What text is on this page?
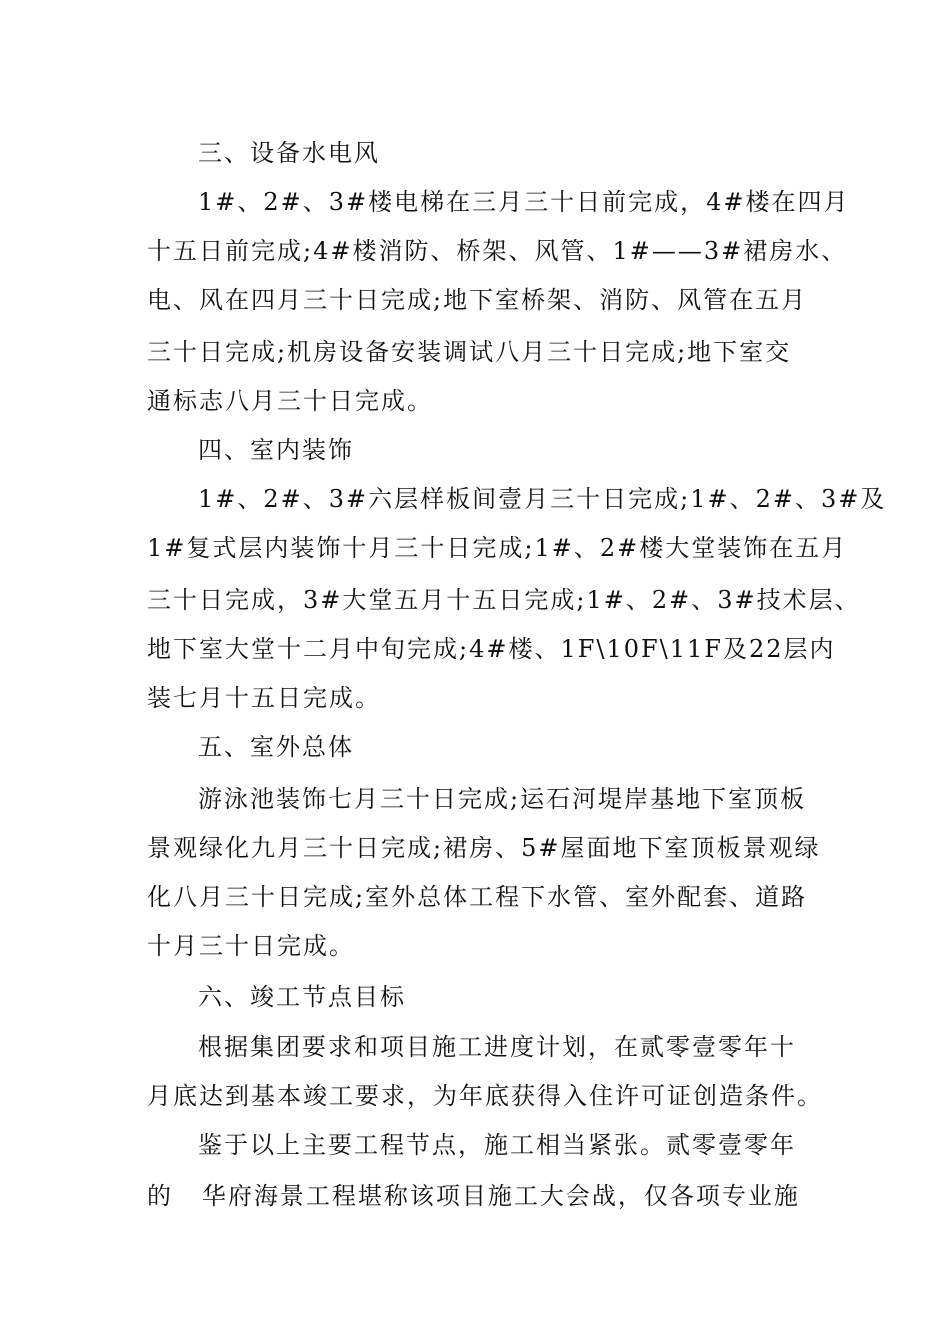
三、设备水电风
1#、2#、3#楼电梯在三月三十日前完成，4#楼在四月
十五日前完成;4#楼消防、桥架、风管、1#——3#裙房水、
电、风在四月三十日完成;地下室桥架、消防、风管在五月
三十日完成;机房设备安装调试八月三十日完成;地下室交
通标志八月三十日完成。
四、室内装饰
1#、2#、3#六层样板间壹月三十日完成;1#、2#、3#及
1#复式层内装饰十月三十日完成;1#、2#楼大堂装饰在五月
三十日完成，3#大堂五月十五日完成;1#、2#、3#技术层、
地下室大堂十二月中旬完成;4#楼、1F\10F\11F及22层内
装七月十五日完成。
五、室外总体
游泳池装饰七月三十日完成;运石河堤岸基地下室顶板
景观绿化九月三十日完成;裙房、5#屋面地下室顶板景观绿
化八月三十日完成;室外总体工程下水管、室外配套、道路
十月三十日完成。
六、竣工节点目标
根据集团要求和项目施工进度计划，在贰零壹零年十
月底达到基本竣工要求，为年底获得入住许可证创造条件。
鉴于以上主要工程节点，施工相当紧张。贰零壹零年
的   华府海景工程堪称该项目施工大会战，仅各项专业施
